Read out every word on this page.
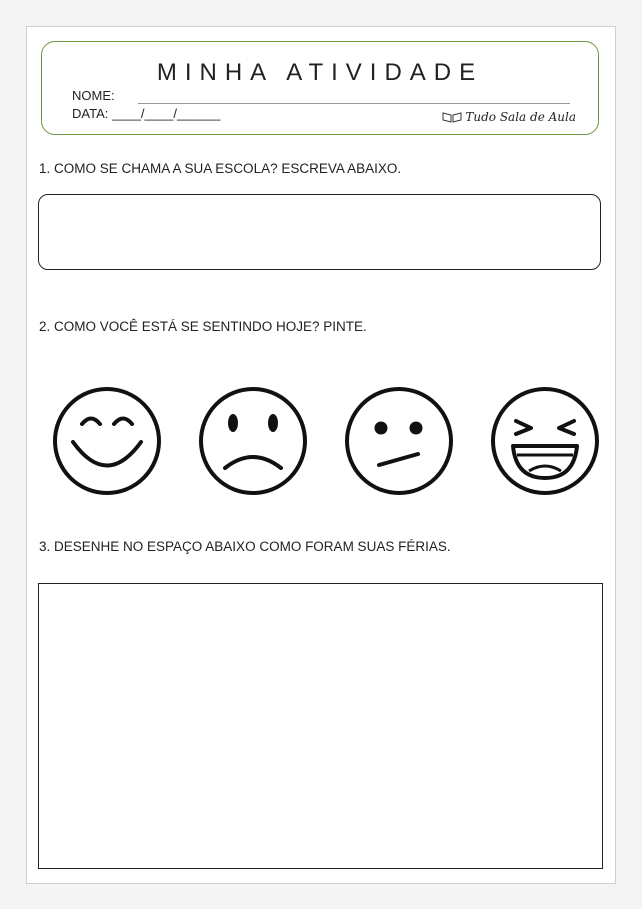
MINHA ATIVIDADE
NOME:
DATA: ____/____/______	Tudo Sala de Aula
1. COMO SE CHAMA A SUA ESCOLA? ESCREVA ABAIXO.
2. COMO VOCÊ ESTÁ SE SENTINDO HOJE? PINTE.
3. DESENHE NO ESPAÇO ABAIXO COMO FORAM SUAS FÉRIAS.
